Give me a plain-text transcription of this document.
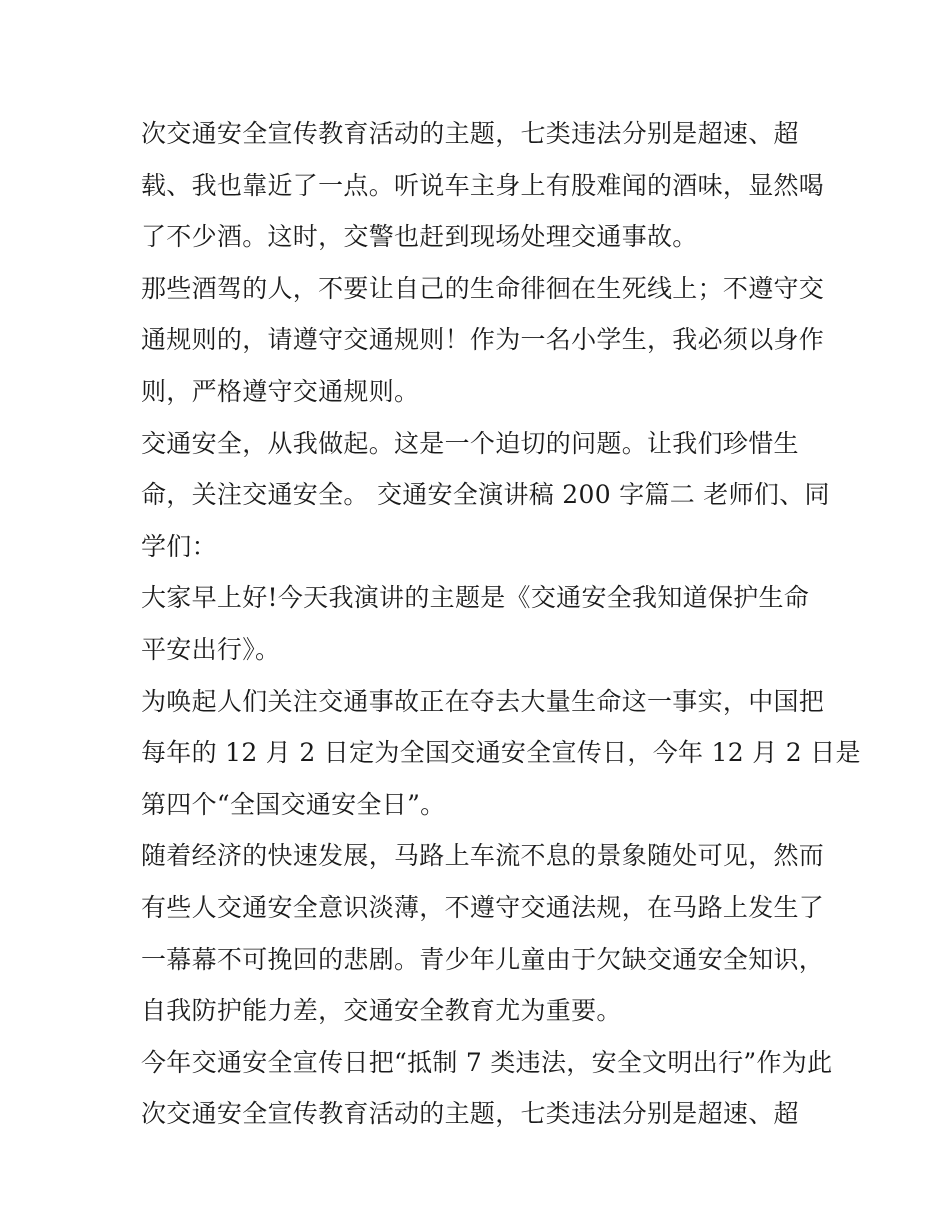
次交通安全宣传教育活动的主题，七类违法分别是超速、超
载、我也靠近了一点。听说车主身上有股难闻的酒味，显然喝
了不少酒。这时，交警也赶到现场处理交通事故。
那些酒驾的人，不要让自己的生命徘徊在生死线上；不遵守交
通规则的，请遵守交通规则！作为一名小学生，我必须以身作
则，严格遵守交通规则。
交通安全，从我做起。这是一个迫切的问题。让我们珍惜生
命，关注交通安全。 交通安全演讲稿 200 字篇二 老师们、同
学们：
大家早上好!今天我演讲的主题是《交通安全我知道保护生命
平安出行》。
为唤起人们关注交通事故正在夺去大量生命这一事实，中国把
每年的 12 月 2 日定为全国交通安全宣传日，今年 12 月 2 日是
第四个“全国交通安全日”。
随着经济的快速发展，马路上车流不息的景象随处可见，然而
有些人交通安全意识淡薄，不遵守交通法规，在马路上发生了
一幕幕不可挽回的悲剧。青少年儿童由于欠缺交通安全知识，
自我防护能力差，交通安全教育尤为重要。
今年交通安全宣传日把“抵制 7 类违法，安全文明出行”作为此
次交通安全宣传教育活动的主题，七类违法分别是超速、超
